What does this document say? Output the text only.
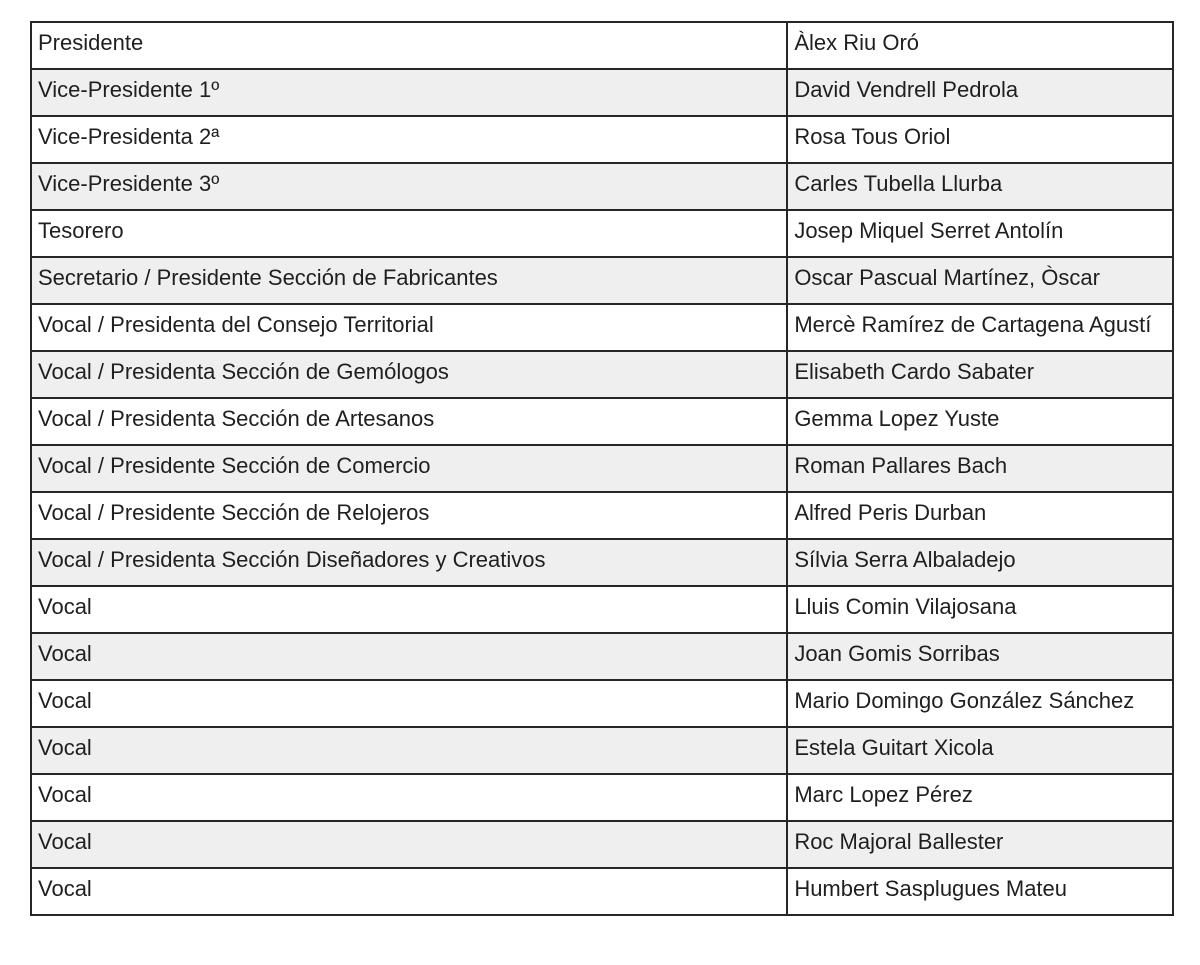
Presidente	Àlex Riu Oró
Vice-Presidente 1º	David Vendrell Pedrola
Vice-Presidenta 2ª	Rosa Tous Oriol
Vice-Presidente 3º	Carles Tubella Llurba
Tesorero	Josep Miquel Serret Antolín
Secretario / Presidente Sección de Fabricantes	Oscar Pascual Martínez, Òscar
Vocal / Presidenta del Consejo Territorial	Mercè Ramírez de Cartagena Agustí
Vocal / Presidenta Sección de Gemólogos	Elisabeth Cardo Sabater
Vocal / Presidenta Sección de Artesanos	Gemma Lopez Yuste
Vocal / Presidente Sección de Comercio	Roman Pallares Bach
Vocal / Presidente Sección de Relojeros	Alfred Peris Durban
Vocal / Presidenta Sección Diseñadores y Creativos	Sílvia Serra Albaladejo
Vocal	Lluis Comin Vilajosana
Vocal	Joan Gomis Sorribas
Vocal	Mario Domingo González Sánchez
Vocal	Estela Guitart Xicola
Vocal	Marc Lopez Pérez
Vocal	Roc Majoral Ballester
Vocal	Humbert Sasplugues Mateu
